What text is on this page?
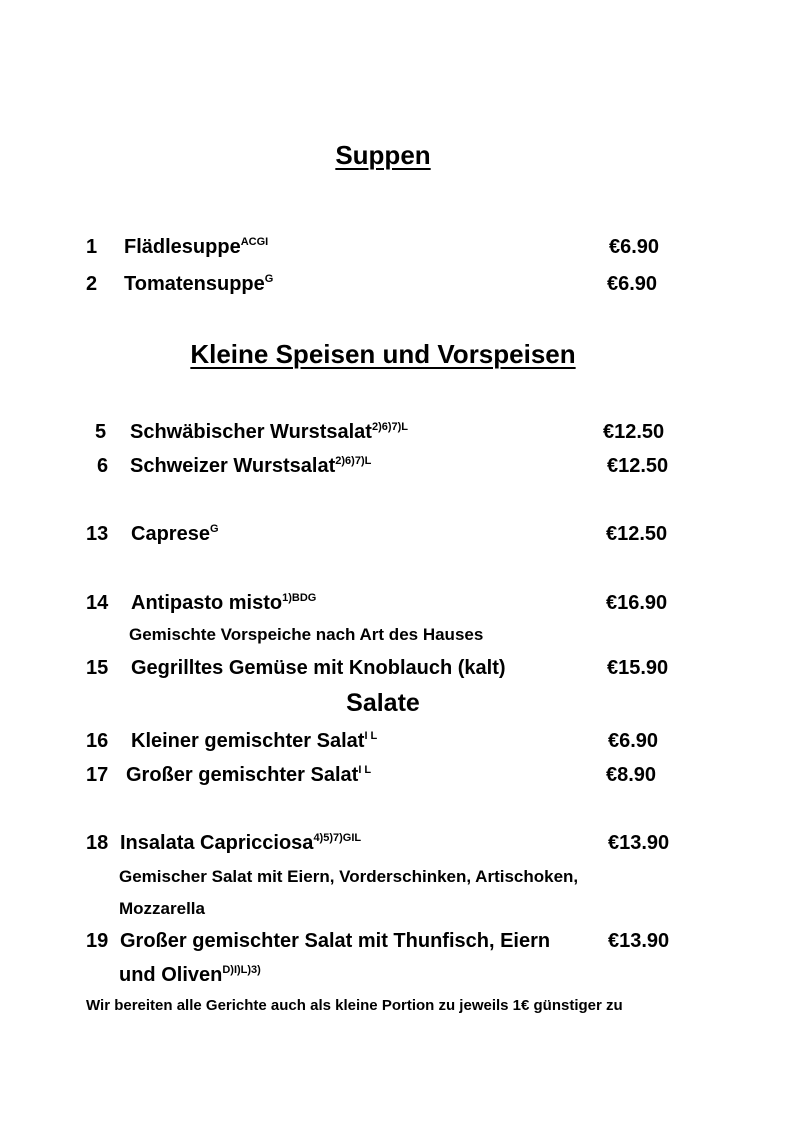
Suppen
1 Flädlesuppe$^{ACGI}$	€6.90
2 Tomatensuppe$^G$	€6.90
Kleine Speisen und Vorspeisen
5 Schwäbischer Wurstsalat$^{2)6)7)L}$	€12.50
6 Schweizer Wurstsalat$^{2)6)7)L}$	€12.50
13 Caprese$^G$	€12.50
14 Antipasto misto$^{1)BDG}$	€16.90
Gemischte Vorspeiche nach Art des Hauses
15 Gegrilltes Gemüse mit Knoblauch (kalt)	€15.90
Salate
16 Kleiner gemischter Salat$^{I L}$	€6.90
17 Großer gemischter Salat$^{I L}$	€8.90
18 Insalata Capricciosa$^{4)5)7)GIL}$	€13.90
Gemischer Salat mit Eiern, Vorderschinken, Artischoken,
Mozzarella
19 Großer gemischter Salat mit Thunfisch, Eiern	€13.90
und Oliven$^{D)I)L)3)}$
Wir bereiten alle Gerichte auch als kleine Portion zu jeweils 1€ günstiger zu
